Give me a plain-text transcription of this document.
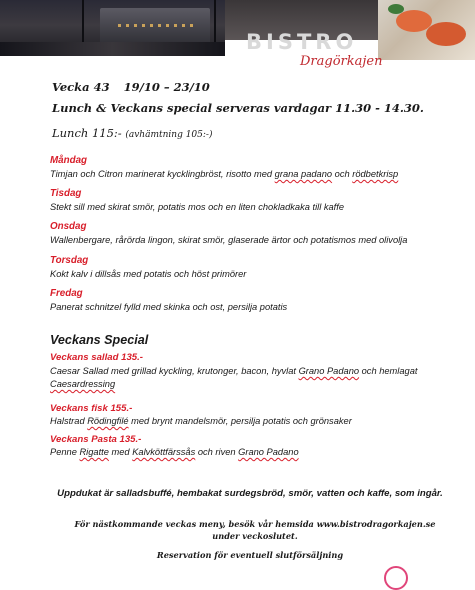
BISTRO
Dragörkajen
Vecka 43 19/10 – 23/10
Lunch & Veckans special serveras vardagar 11.30 - 14.30.
Lunch 115:- (avhämtning 105:-)
Måndag
Timjan och Citron marinerat kycklingbröst, risotto med grana padano och rödbetkrisp
Tisdag
Stekt sill med skirat smör, potatis mos och en liten chokladkaka till kaffe
Onsdag
Wallenbergare, rårörda lingon, skirat smör, glaserade ärtor och potatismos med olivolja
Torsdag
Kokt kalv i dillsås med potatis och höst primörer
Fredag
Panerat schnitzel fylld med skinka och ost, persilja potatis
Veckans Special
Veckans sallad 135.-
Caesar Sallad med grillad kyckling, krutonger, bacon, hyvlat Grano Padano och hemlagat Caesardressing
Veckans fisk 155.-
Halstrad Rödingfilé med brynt mandelsmör, persilja potatis och grönsaker
Veckans Pasta 135.-
Penne Rigatte med Kalvköttfärssås och riven Grano Padano
Uppdukat är salladsbuffé, hembakat surdegsbröd, smör, vatten och kaffe, som ingår.
För nästkommande veckas meny, besök vår hemsida www.bistrodragorkajen.se under veckoslutet.
Reservation för eventuell slutförsäljning
